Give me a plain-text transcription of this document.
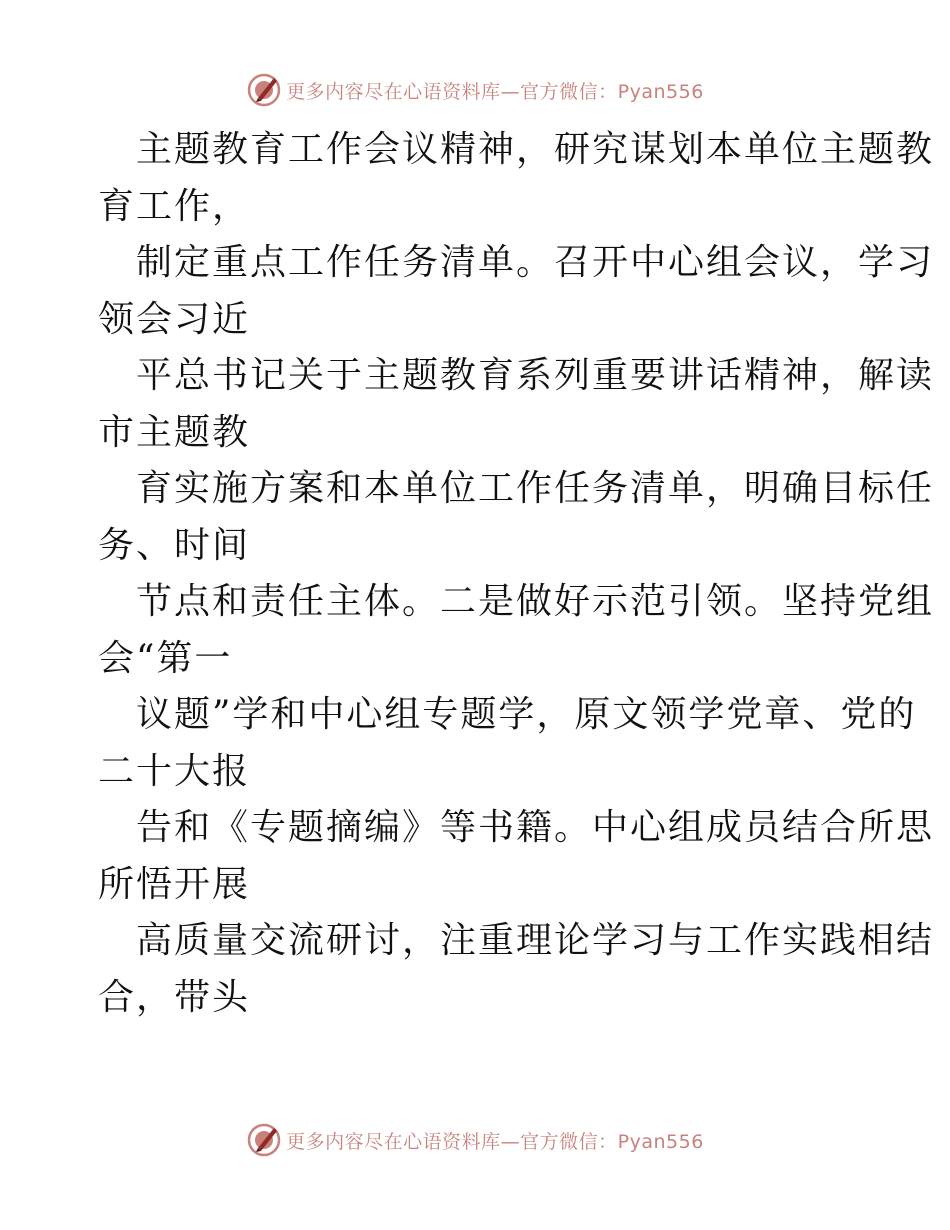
更多内容尽在心语资料库—官方微信：Pyan556

主题教育工作会议精神，研究谋划本单位主题教
育工作，

制定重点工作任务清单。召开中心组会议，学习
领会习近

平总书记关于主题教育系列重要讲话精神，解读
市主题教

育实施方案和本单位工作任务清单，明确目标任
务、时间

节点和责任主体。二是做好示范引领。坚持党组
会“第一

议题”学和中心组专题学，原文领学党章、党的
二十大报

告和《专题摘编》等书籍。中心组成员结合所思
所悟开展

高质量交流研讨，注重理论学习与工作实践相结
合，带头

更多内容尽在心语资料库—官方微信：Pyan556
